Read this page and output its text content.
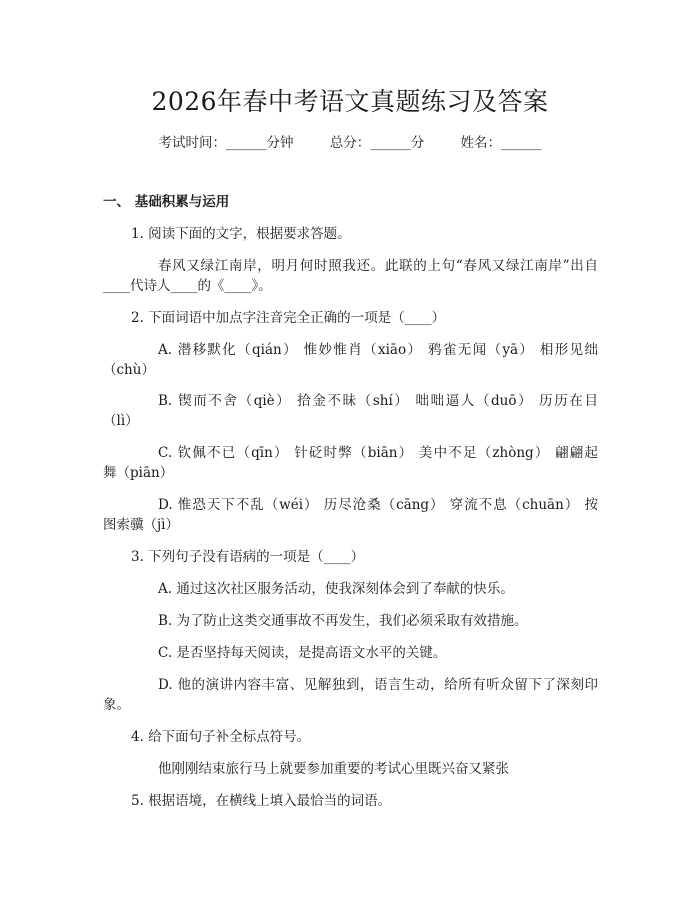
2026年春中考语文真题练习及答案
考试时间：______分钟	总分：______分	姓名：______
一、 基础积累与运用
1. 阅读下面的文字，根据要求答题。
春风又绿江南岸，明月何时照我还。此联的上句“春风又绿江南岸”出自
____代诗人____的《____》。
2. 下面词语中加点字注音完全正确的一项是（____）
A. 潜移默化（qián） 惟妙惟肖（xiāo） 鸦雀无闻（yā） 相形见绌
（chù）
B. 锲而不舍（qiè） 拾金不昧（shí） 咄咄逼人（duō） 历历在目
（lì）
C. 钦佩不已（qīn） 针砭时弊（biān） 美中不足（zhòng） 翩翩起
舞（piān）
D. 惟恐天下不乱（wéi） 历尽沧桑（cāng） 穿流不息（chuān） 按
图索骥（jì）
3. 下列句子没有语病的一项是（____）
A. 通过这次社区服务活动，使我深刻体会到了奉献的快乐。
B. 为了防止这类交通事故不再发生，我们必须采取有效措施。
C. 是否坚持每天阅读，是提高语文水平的关键。
D. 他的演讲内容丰富、见解独到，语言生动，给所有听众留下了深刻印
象。
4. 给下面句子补全标点符号。
他刚刚结束旅行马上就要参加重要的考试心里既兴奋又紧张
5. 根据语境，在横线上填入最恰当的词语。
